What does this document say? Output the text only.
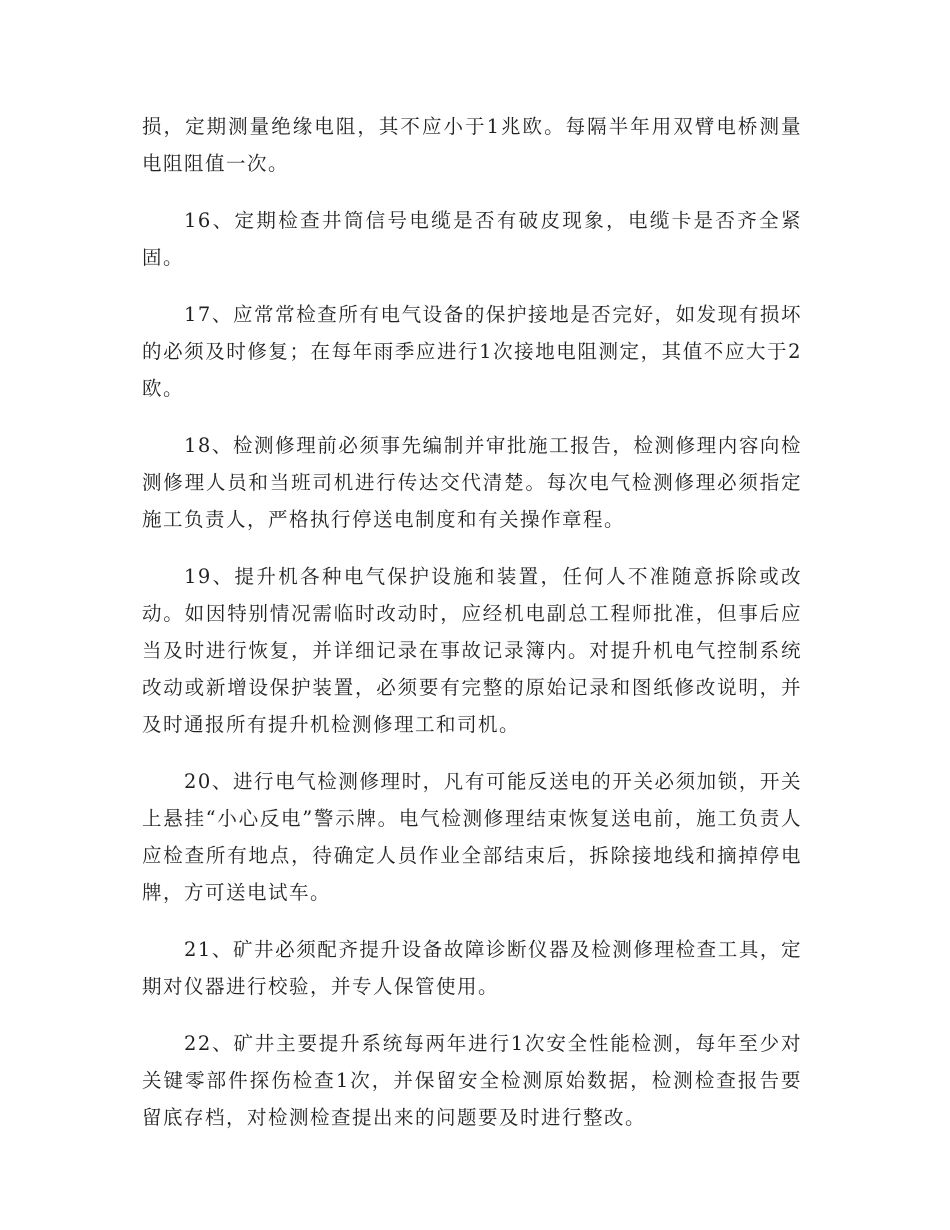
损，定期测量绝缘电阻，其不应小于1兆欧。每隔半年用双臂电桥测量电阻阻值一次。

16、定期检查井筒信号电缆是否有破皮现象，电缆卡是否齐全紧固。

17、应常常检查所有电气设备的保护接地是否完好，如发现有损坏的必须及时修复；在每年雨季应进行1次接地电阻测定，其值不应大于2欧。

18、检测修理前必须事先编制并审批施工报告，检测修理内容向检测修理人员和当班司机进行传达交代清楚。每次电气检测修理必须指定施工负责人，严格执行停送电制度和有关操作章程。

19、提升机各种电气保护设施和装置，任何人不准随意拆除或改动。如因特别情况需临时改动时，应经机电副总工程师批准，但事后应当及时进行恢复，并详细记录在事故记录簿内。对提升机电气控制系统改动或新增设保护装置，必须要有完整的原始记录和图纸修改说明，并及时通报所有提升机检测修理工和司机。

20、进行电气检测修理时，凡有可能反送电的开关必须加锁，开关上悬挂“小心反电”警示牌。电气检测修理结束恢复送电前，施工负责人应检查所有地点，待确定人员作业全部结束后，拆除接地线和摘掉停电牌，方可送电试车。

21、矿井必须配齐提升设备故障诊断仪器及检测修理检查工具，定期对仪器进行校验，并专人保管使用。

22、矿井主要提升系统每两年进行1次安全性能检测，每年至少对关键零部件探伤检查1次，并保留安全检测原始数据，检测检查报告要留底存档，对检测检查提出来的问题要及时进行整改。
